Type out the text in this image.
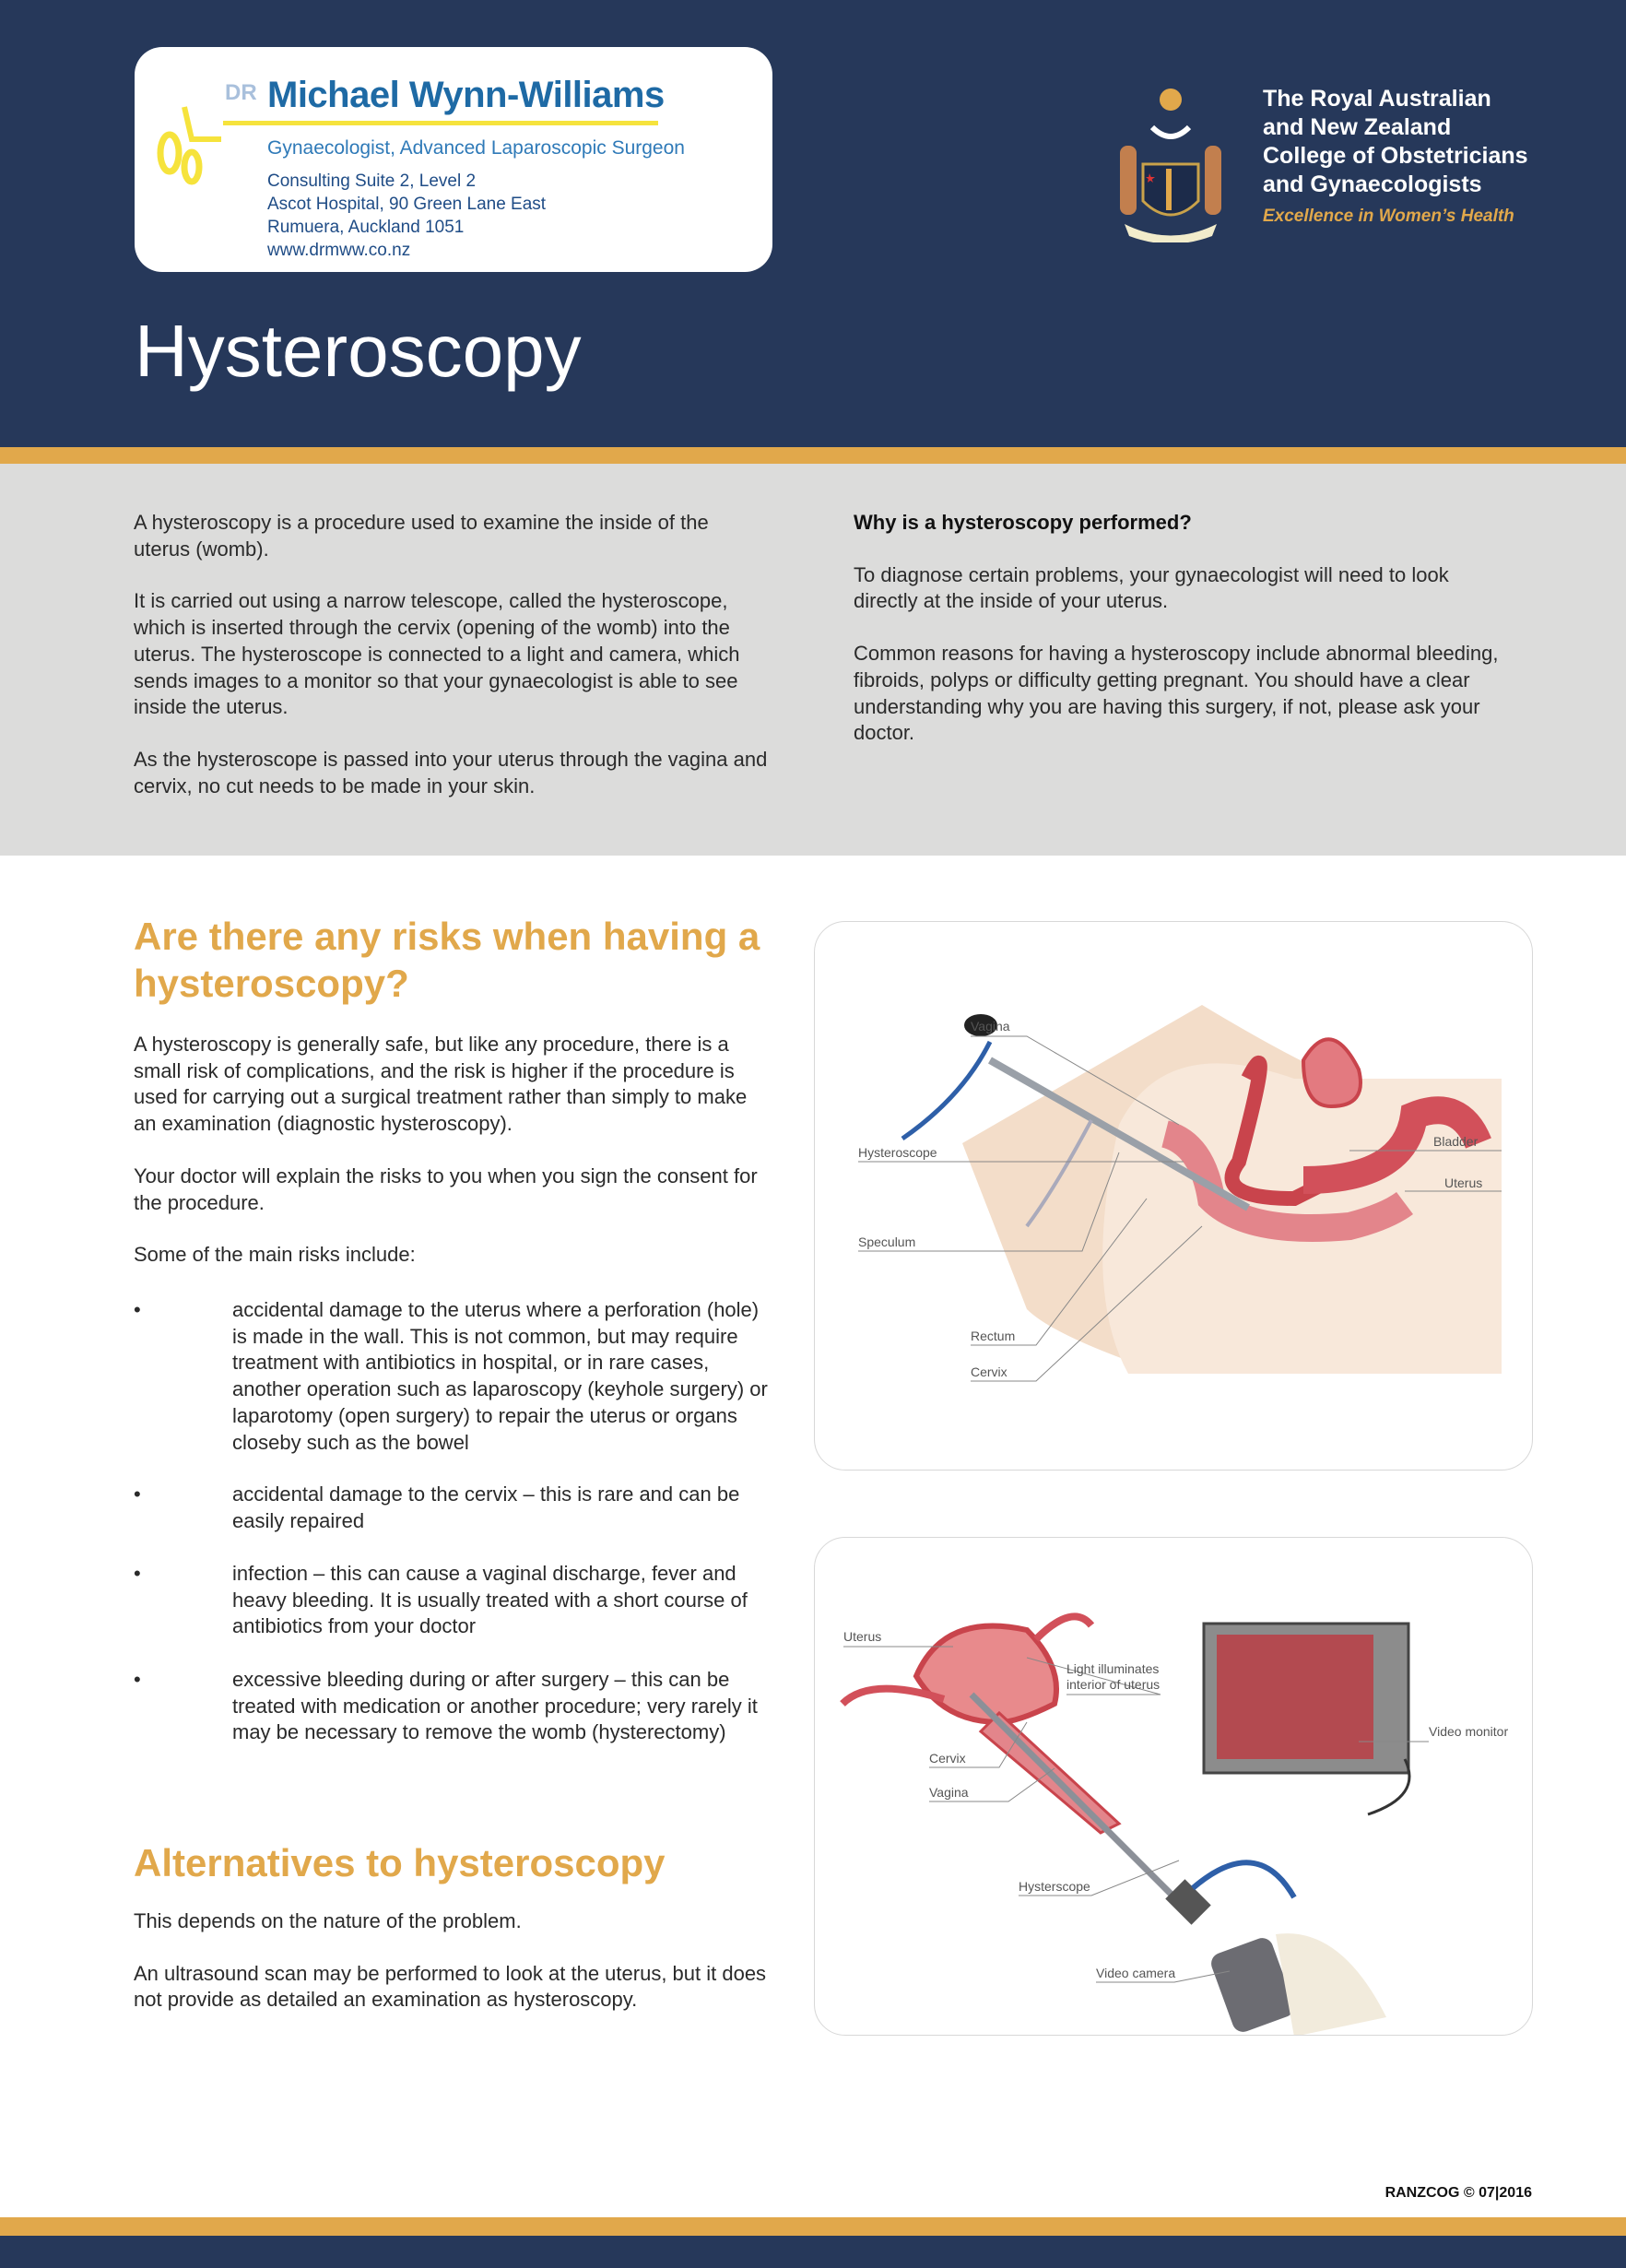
DR Michael Wynn-Williams
Gynaecologist, Advanced Laparoscopic Surgeon
Consulting Suite 2, Level 2
Ascot Hospital, 90 Green Lane East
Rumuera, Auckland 1051
www.drmww.co.nz
The Royal Australian
and New Zealand
College of Obstetricians
and Gynaecologists
Excellence in Women’s Health
Hysteroscopy

A hysteroscopy is a procedure used to examine the inside of the uterus (womb).

It is carried out using a narrow telescope, called the hysteroscope, which is inserted through the cervix (opening of the womb) into the uterus. The hysteroscope is connected to a light and camera, which sends images to a monitor so that your gynaecologist is able to see inside the uterus.

As the hysteroscope is passed into your uterus through the vagina and cervix, no cut needs to be made in your skin.

Why is a hysteroscopy performed?

To diagnose certain problems, your gynaecologist will need to look directly at the inside of your uterus.

Common reasons for having a hysteroscopy include abnormal bleeding, fibroids, polyps or difficulty getting pregnant. You should have a clear understanding why you are having this surgery, if not, please ask your doctor.

Are there any risks when having a hysteroscopy?

A hysteroscopy is generally safe, but like any procedure, there is a small risk of complications, and the risk is higher if the procedure is used for carrying out a surgical treatment rather than simply to make an examination (diagnostic hysteroscopy).

Your doctor will explain the risks to you when you sign the consent for the procedure.

Some of the main risks include:

•	accidental damage to the uterus where a perforation (hole) is made in the wall. This is not common, but may require treatment with antibiotics in hospital, or in rare cases, another operation such as laparoscopy (keyhole surgery) or laparotomy (open surgery) to repair the uterus or organs closeby such as the bowel

•	accidental damage to the cervix – this is rare and can be easily repaired

•	infection – this can cause a vaginal discharge, fever and heavy bleeding. It is usually treated with a short course of antibiotics from your doctor

•	excessive bleeding during or after surgery – this can be treated with medication or another procedure; very rarely it may be necessary to remove the womb (hysterectomy)

Alternatives to hysteroscopy

This depends on the nature of the problem.

An ultrasound scan may be performed to look at the uterus, but it does not provide as detailed an examination as hysteroscopy.

Vagina
Hysteroscope
Speculum
Rectum
Cervix
Bladder
Uterus
Uterus
Light illuminates
interior of uterus
Video monitor
Cervix
Vagina
Hysterscope
Video camera
RANZCOG © 07|2016
